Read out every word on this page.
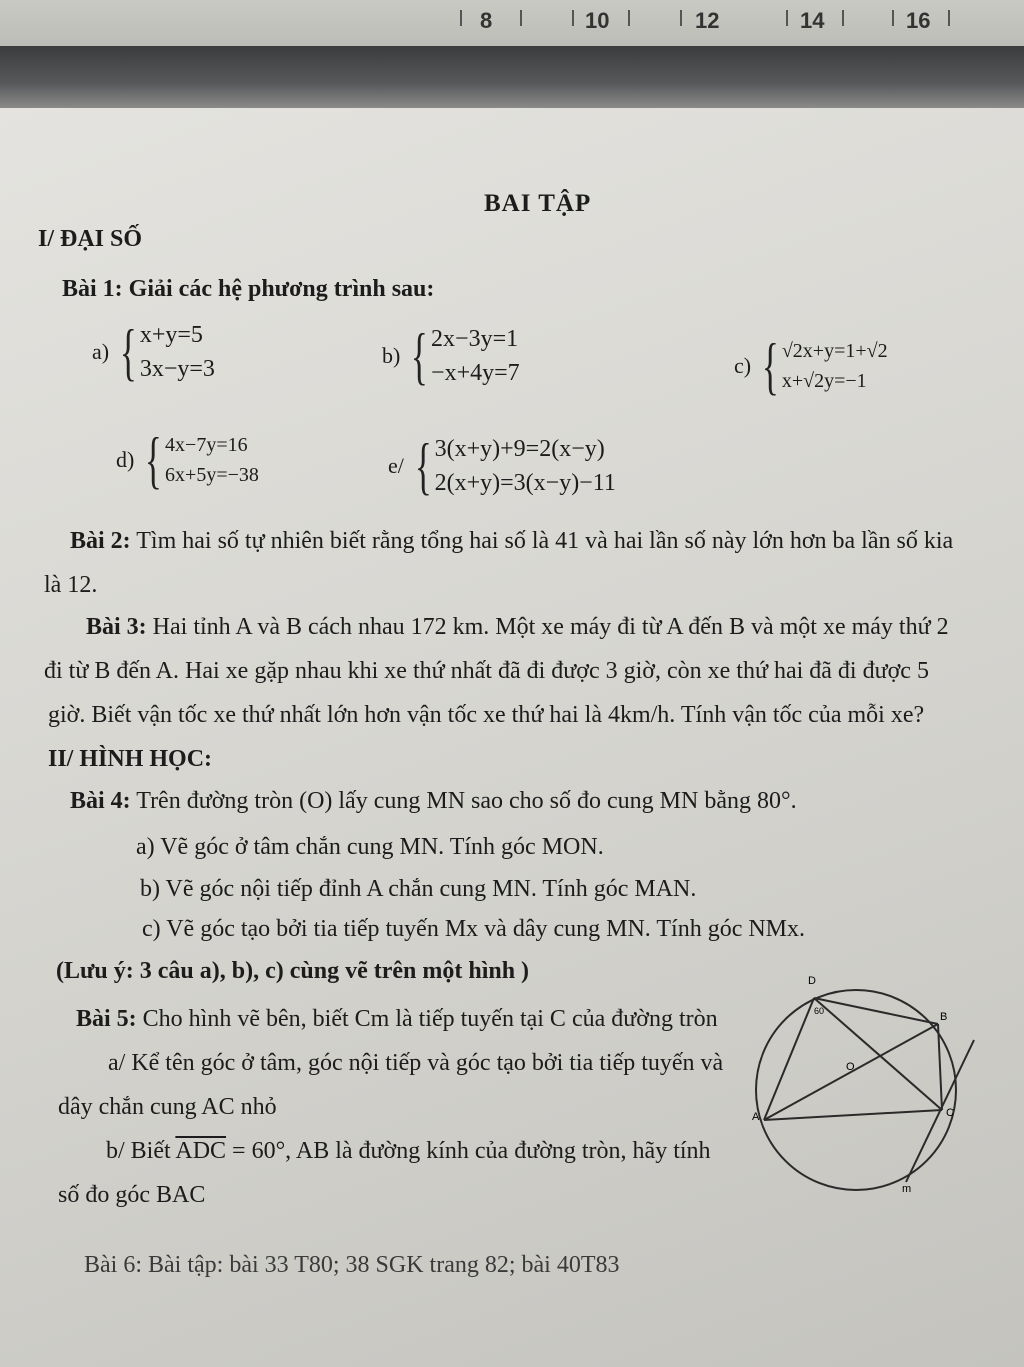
8	10	12	14	16
BAI TẬP
I/ ĐẠI SỐ
Bài 1: Giải các hệ phương trình sau:
a) { x+y=5
3x−y=3
b) { 2x−3y=1
−x+4y=7	c) { √2x+y=1+√2
x+√2y=−1
d) { 4x−7y=16
6x+5y=−38	e/ { 3(x+y)+9=2(x−y)
2(x+y)=3(x−y)−11
Bài 2: Tìm hai số tự nhiên biết rằng tổng hai số là 41 và hai lần số này lớn hơn ba lần số kia
là 12.
Bài 3: Hai tỉnh A và B cách nhau 172 km. Một xe máy đi từ A đến B và một xe máy thứ 2
đi từ B đến A. Hai xe gặp nhau khi xe thứ nhất đã đi được 3 giờ, còn xe thứ hai đã đi được 5
giờ. Biết vận tốc xe thứ nhất lớn hơn vận tốc xe thứ hai là 4km/h. Tính vận tốc của mỗi xe?
II/ HÌNH HỌC:
Bài 4: Trên đường tròn (O) lấy cung MN sao cho số đo cung MN bằng 80°.
a) Vẽ góc ở tâm chắn cung MN. Tính góc MON.
b) Vẽ góc nội tiếp đỉnh A chắn cung MN. Tính góc MAN.
c) Vẽ góc tạo bởi tia tiếp tuyến Mx và dây cung MN. Tính góc NMx.
(Lưu ý: 3 câu a), b), c) cùng vẽ trên một hình )
Bài 5: Cho hình vẽ bên, biết Cm là tiếp tuyến tại C của đường tròn
a/ Kể tên góc ở tâm, góc nội tiếp và góc tạo bởi tia tiếp tuyến và
dây chắn cung AC nhỏ
b/ Biết $\overline{ADC} = 60^\circ$, AB là đường kính của đường tròn, hãy tính
số đo góc BAC
Bài 6: Bài tập: bài 33 T80; 38 SGK trang 82; bài 40T83
D
60	B
O
A	C
m
